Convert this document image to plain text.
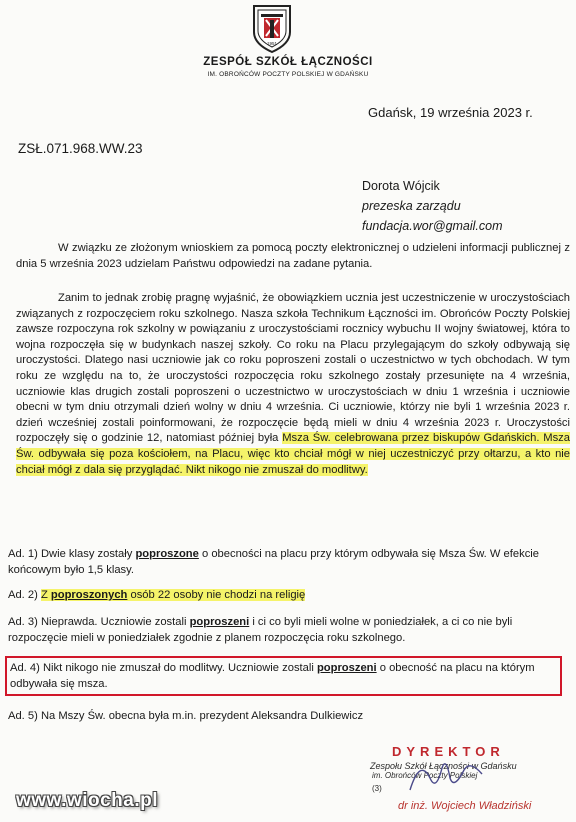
1951
ZESPÓŁ SZKÓŁ ŁĄCZNOŚCI
IM. OBROŃCÓW POCZTY POLSKIEJ W GDAŃSKU
Gdańsk, 19 września 2023 r.
ZSŁ.071.968.WW.23
Dorota Wójcik
prezeska zarządu
fundacja.wor@gmail.com

W związku ze złożonym wnioskiem za pomocą poczty elektronicznej o udzieleni informacji publicznej z dnia 5 września 2023 udzielam Państwu odpowiedzi na zadane pytania.

Zanim to jednak zrobię pragnę wyjaśnić, że obowiązkiem ucznia jest uczestniczenie w uroczystościach związanych z rozpoczęciem roku szkolnego. Nasza szkoła Technikum Łączności im. Obrońców Poczty Polskiej zawsze rozpoczyna rok szkolny w powiązaniu z uroczystościami rocznicy wybuchu II wojny światowej, która to wojna rozpoczęła się w budynkach naszej szkoły. Co roku na Placu przylegającym do szkoły odbywają się uroczystości. Dlatego nasi uczniowie jak co roku poproszeni zostali o uczestnictwo w tych obchodach. W tym roku ze względu na to, że uroczystości rozpoczęcia roku szkolnego zostały przesunięte na 4 września, uczniowie klas drugich zostali poproszeni o uczestnictwo w uroczystościach w dniu 1 września i uczniowie obecni w tym dniu otrzymali dzień wolny w dniu 4 września. Ci uczniowie, którzy nie byli 1 września 2023 r. dzień wcześniej zostali poinformowani, że rozpoczęcie będą mieli w dniu 4 września 2023 r. Uroczystości rozpoczęły się o godzinie 12, natomiast później była Msza Św. celebrowana przez biskupów Gdańskich. Msza Św. odbywała się poza kościołem, na Placu, więc kto chciał mógł w niej uczestniczyć przy ołtarzu, a kto nie chciał mógł z dala się przyglądać. Nikt nikogo nie zmuszał do modlitwy.

Ad. 1) Dwie klasy zostały poproszone o obecności na placu przy którym odbywała się Msza Św. W efekcie końcowym było 1,5 klasy.
Ad. 2) Z poproszonych osób 22 osoby nie chodzi na religię
Ad. 3) Nieprawda. Uczniowie zostali poproszeni i ci co byli mieli wolne w poniedziałek, a ci co nie byli rozpoczęcie mieli w poniedziałek zgodnie z planem rozpoczęcia roku szkolnego.
Ad. 4) Nikt nikogo nie zmuszał do modlitwy. Uczniowie zostali poproszeni o obecność na placu na którym odbywała się msza.
Ad. 5) Na Mszy Św. obecna była m.in. prezydent Aleksandra Dulkiewicz
DYREKTOR
Zespołu Szkół Łączności w Gdańsku
im. Obrońców Poczty Polskiej
(3)
dr inż. Wojciech Władziński
www.wiocha.pl
